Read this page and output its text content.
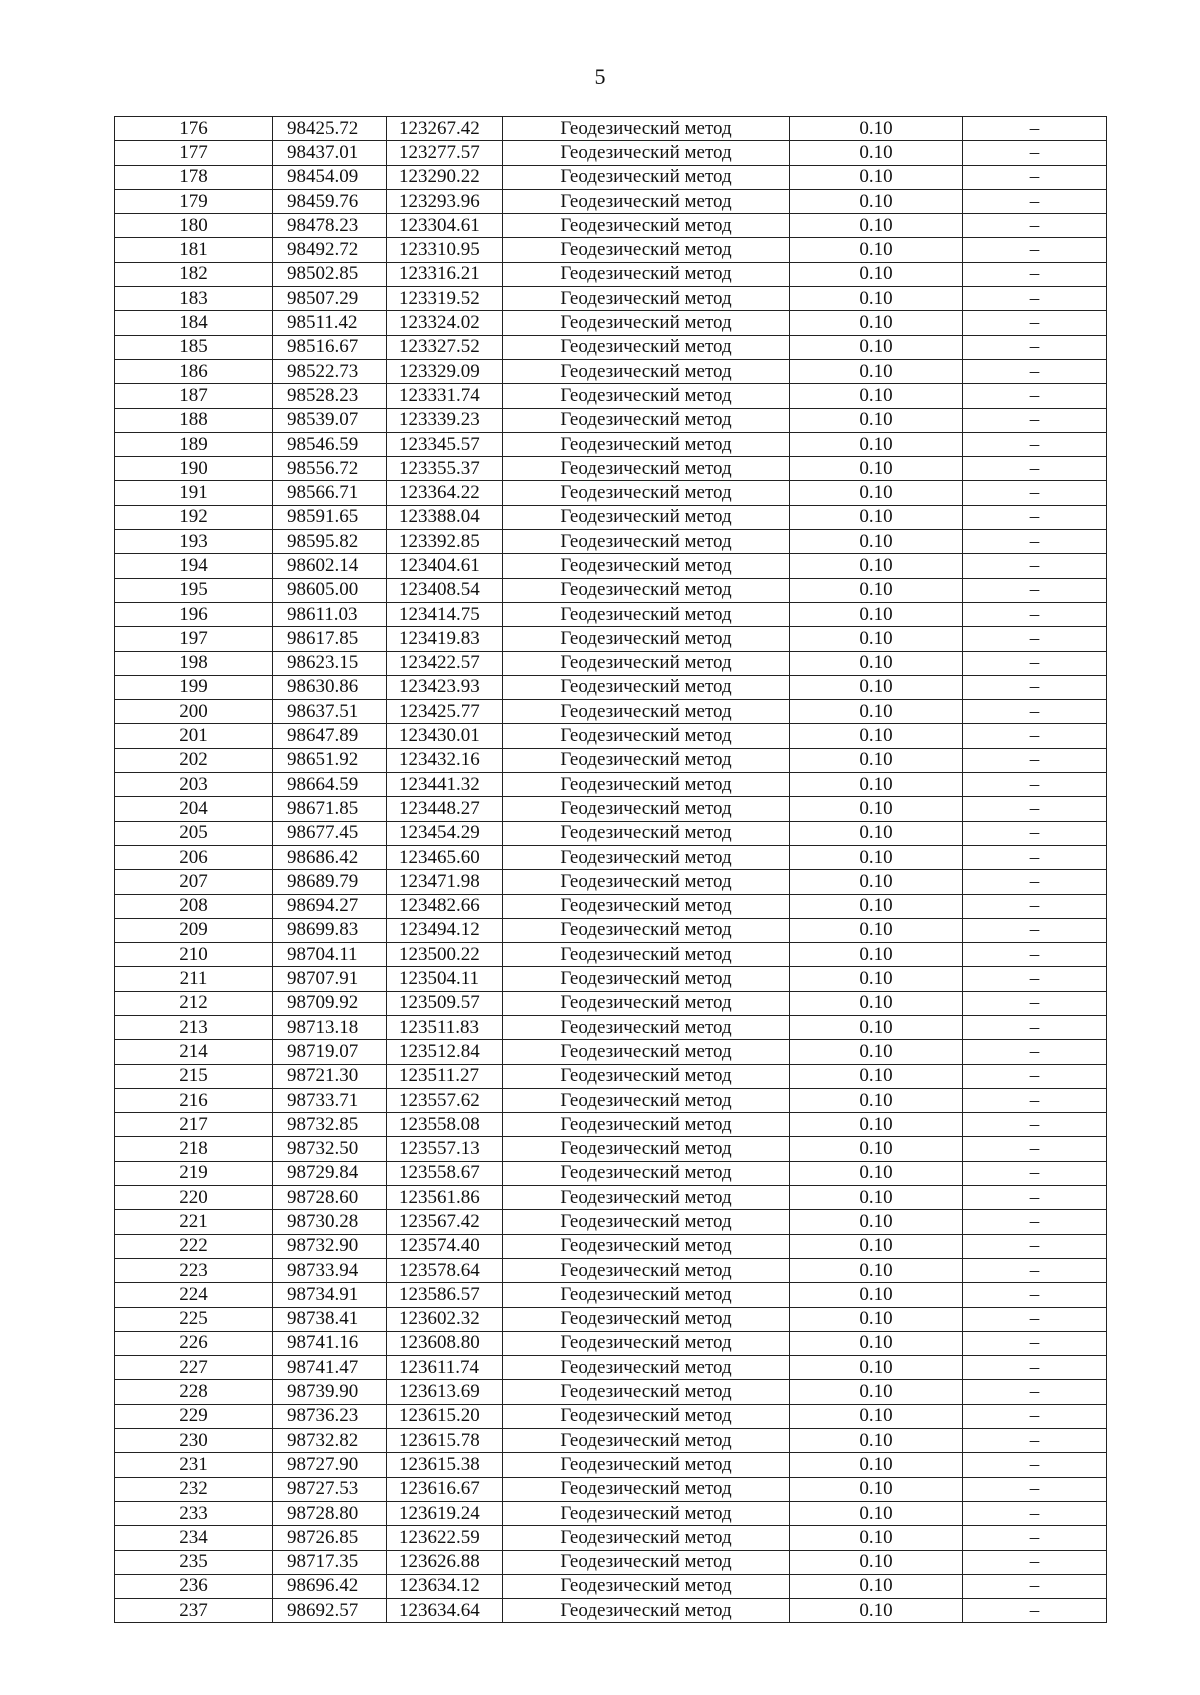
5
176	98425.72	123267.42	Геодезический метод	0.10	–
177	98437.01	123277.57	Геодезический метод	0.10	–
178	98454.09	123290.22	Геодезический метод	0.10	–
179	98459.76	123293.96	Геодезический метод	0.10	–
180	98478.23	123304.61	Геодезический метод	0.10	–
181	98492.72	123310.95	Геодезический метод	0.10	–
182	98502.85	123316.21	Геодезический метод	0.10	–
183	98507.29	123319.52	Геодезический метод	0.10	–
184	98511.42	123324.02	Геодезический метод	0.10	–
185	98516.67	123327.52	Геодезический метод	0.10	–
186	98522.73	123329.09	Геодезический метод	0.10	–
187	98528.23	123331.74	Геодезический метод	0.10	–
188	98539.07	123339.23	Геодезический метод	0.10	–
189	98546.59	123345.57	Геодезический метод	0.10	–
190	98556.72	123355.37	Геодезический метод	0.10	–
191	98566.71	123364.22	Геодезический метод	0.10	–
192	98591.65	123388.04	Геодезический метод	0.10	–
193	98595.82	123392.85	Геодезический метод	0.10	–
194	98602.14	123404.61	Геодезический метод	0.10	–
195	98605.00	123408.54	Геодезический метод	0.10	–
196	98611.03	123414.75	Геодезический метод	0.10	–
197	98617.85	123419.83	Геодезический метод	0.10	–
198	98623.15	123422.57	Геодезический метод	0.10	–
199	98630.86	123423.93	Геодезический метод	0.10	–
200	98637.51	123425.77	Геодезический метод	0.10	–
201	98647.89	123430.01	Геодезический метод	0.10	–
202	98651.92	123432.16	Геодезический метод	0.10	–
203	98664.59	123441.32	Геодезический метод	0.10	–
204	98671.85	123448.27	Геодезический метод	0.10	–
205	98677.45	123454.29	Геодезический метод	0.10	–
206	98686.42	123465.60	Геодезический метод	0.10	–
207	98689.79	123471.98	Геодезический метод	0.10	–
208	98694.27	123482.66	Геодезический метод	0.10	–
209	98699.83	123494.12	Геодезический метод	0.10	–
210	98704.11	123500.22	Геодезический метод	0.10	–
211	98707.91	123504.11	Геодезический метод	0.10	–
212	98709.92	123509.57	Геодезический метод	0.10	–
213	98713.18	123511.83	Геодезический метод	0.10	–
214	98719.07	123512.84	Геодезический метод	0.10	–
215	98721.30	123511.27	Геодезический метод	0.10	–
216	98733.71	123557.62	Геодезический метод	0.10	–
217	98732.85	123558.08	Геодезический метод	0.10	–
218	98732.50	123557.13	Геодезический метод	0.10	–
219	98729.84	123558.67	Геодезический метод	0.10	–
220	98728.60	123561.86	Геодезический метод	0.10	–
221	98730.28	123567.42	Геодезический метод	0.10	–
222	98732.90	123574.40	Геодезический метод	0.10	–
223	98733.94	123578.64	Геодезический метод	0.10	–
224	98734.91	123586.57	Геодезический метод	0.10	–
225	98738.41	123602.32	Геодезический метод	0.10	–
226	98741.16	123608.80	Геодезический метод	0.10	–
227	98741.47	123611.74	Геодезический метод	0.10	–
228	98739.90	123613.69	Геодезический метод	0.10	–
229	98736.23	123615.20	Геодезический метод	0.10	–
230	98732.82	123615.78	Геодезический метод	0.10	–
231	98727.90	123615.38	Геодезический метод	0.10	–
232	98727.53	123616.67	Геодезический метод	0.10	–
233	98728.80	123619.24	Геодезический метод	0.10	–
234	98726.85	123622.59	Геодезический метод	0.10	–
235	98717.35	123626.88	Геодезический метод	0.10	–
236	98696.42	123634.12	Геодезический метод	0.10	–
237	98692.57	123634.64	Геодезический метод	0.10	–
